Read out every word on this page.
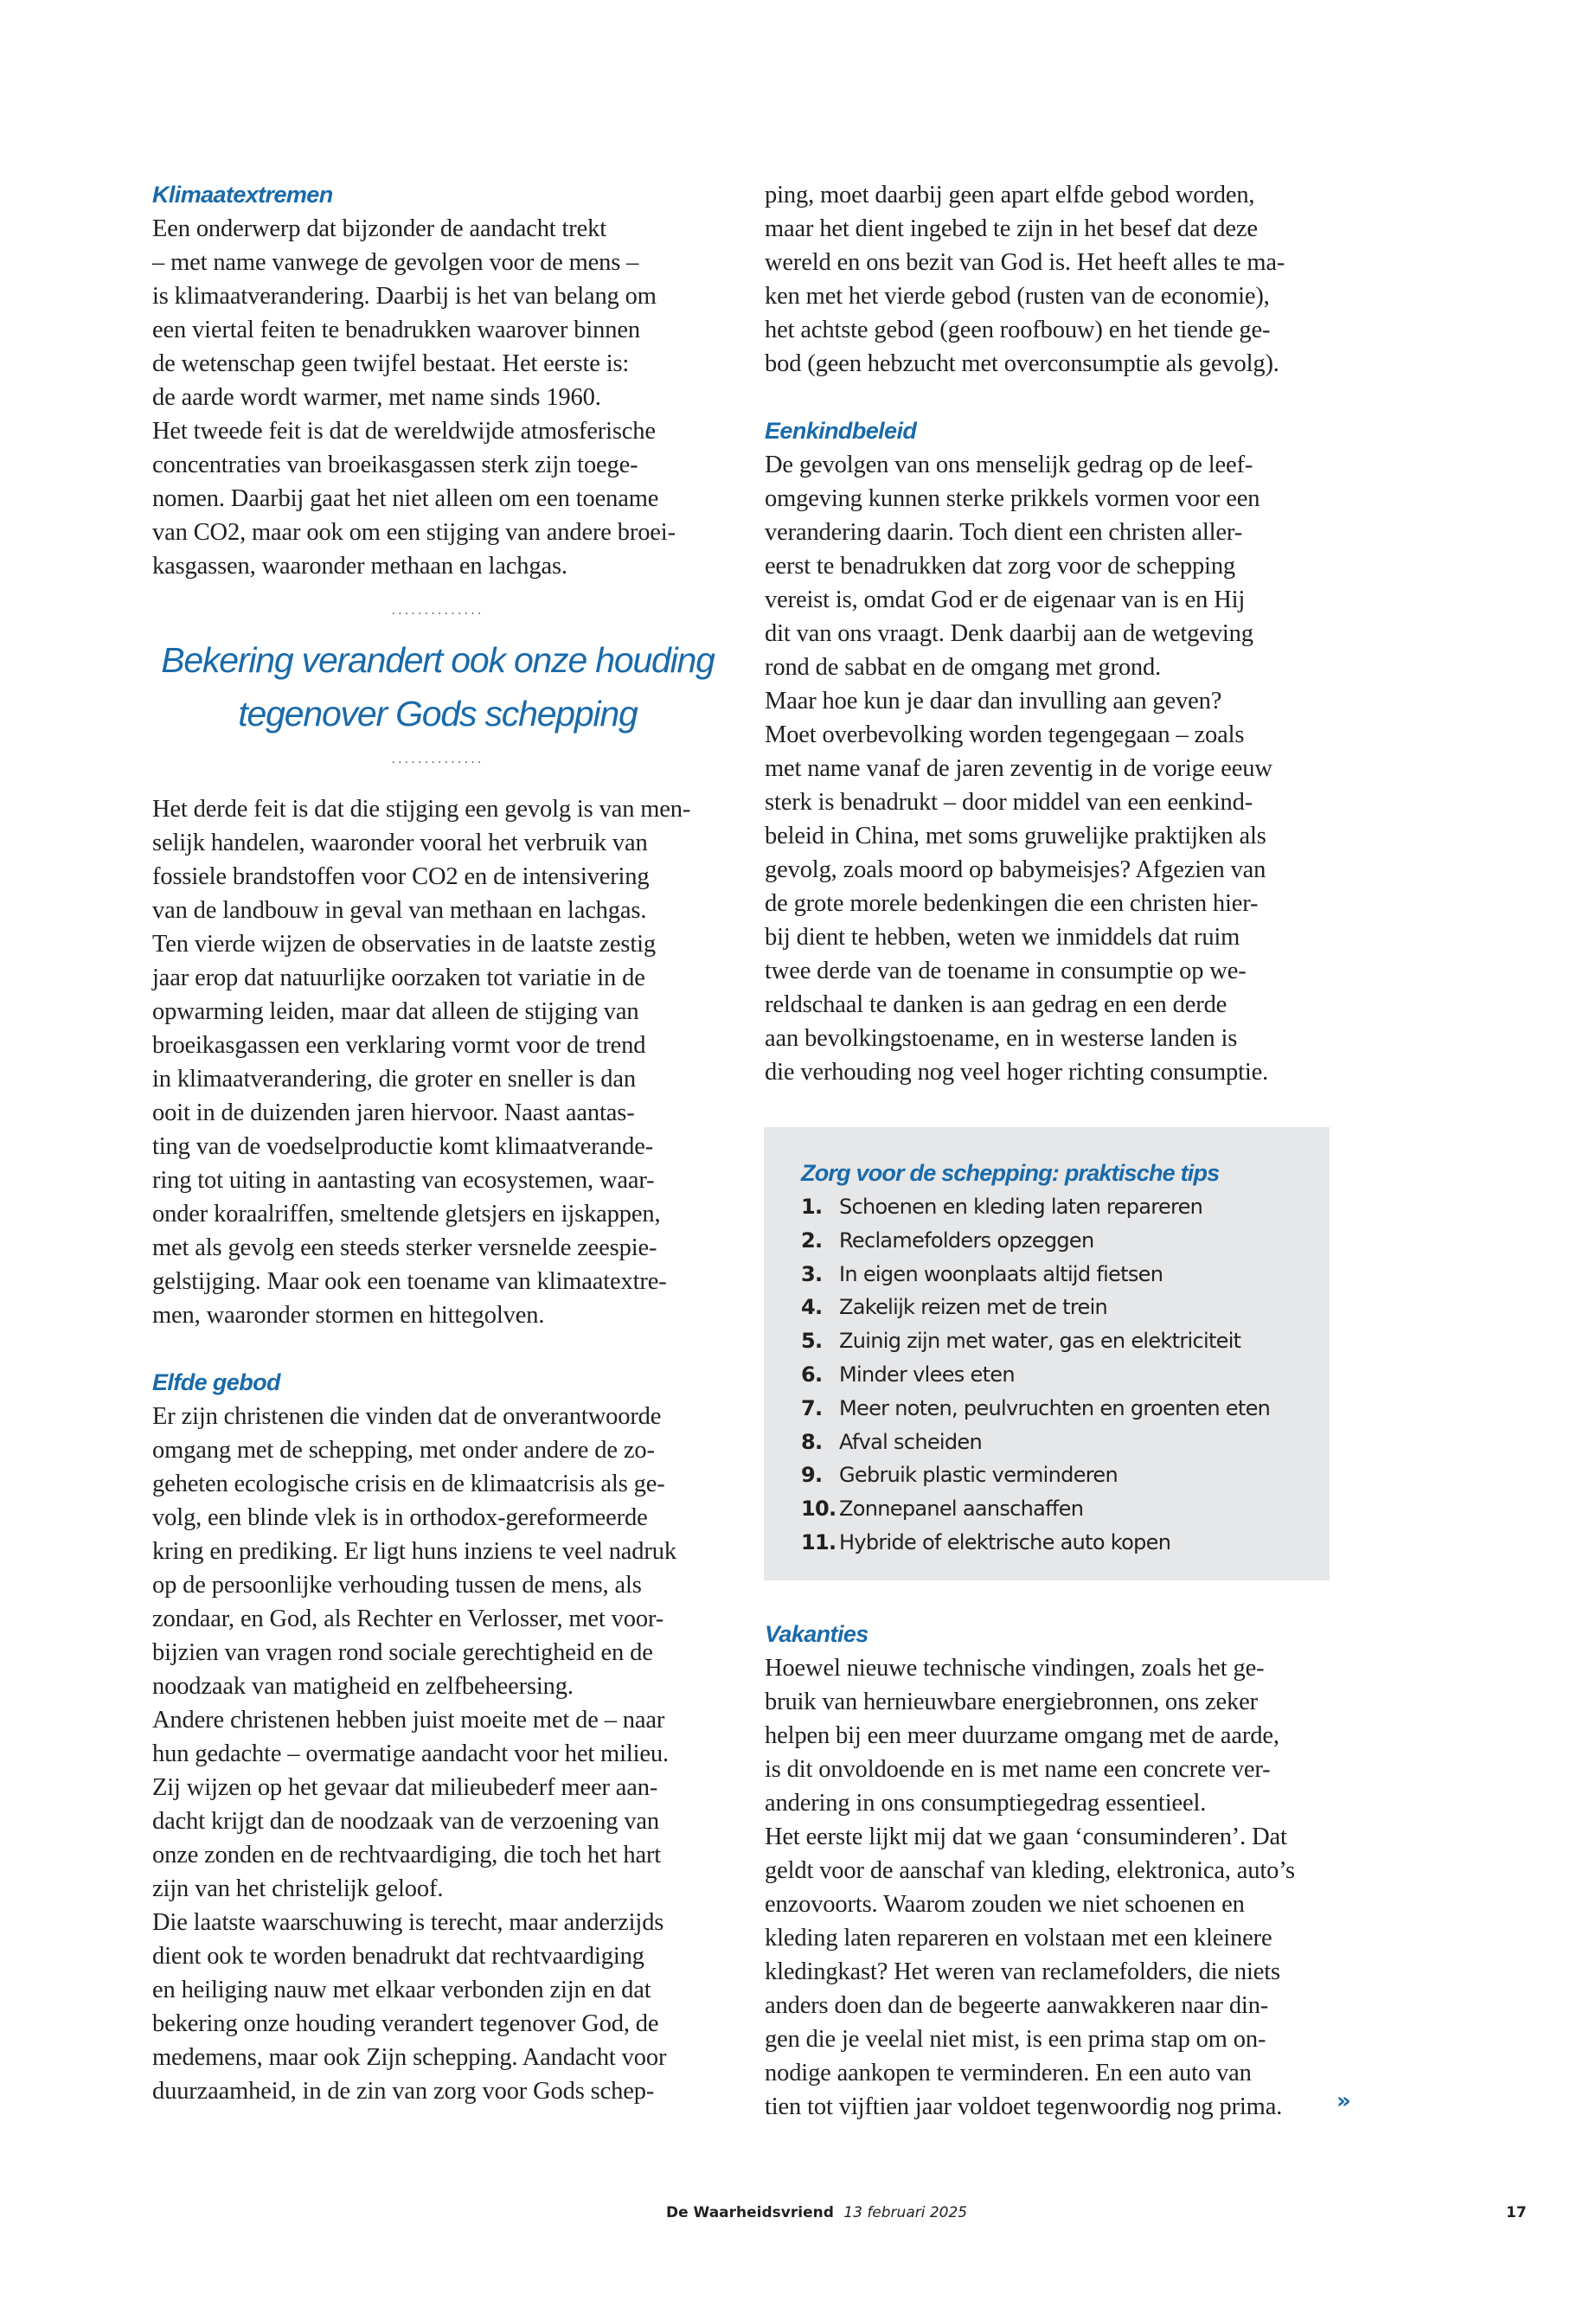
Klimaatextremen

Een onderwerp dat bijzonder de aandacht trekt
– met name vanwege de gevolgen voor de mens –
is klimaatverandering. Daarbij is het van belang om
een viertal feiten te benadrukken waarover binnen
de wetenschap geen twijfel bestaat. Het eerste is:
de aarde wordt warmer, met name sinds 1960.
Het tweede feit is dat de wereldwijde atmosferische
concentraties van broeikasgassen sterk zijn toege-
nomen. Daarbij gaat het niet alleen om een toename
van CO2, maar ook om een stijging van andere broei-
kasgassen, waaronder methaan en lachgas.

..............
Bekering verandert ook onze houding
tegenover Gods schepping
..............

Het derde feit is dat die stijging een gevolg is van men-
selijk handelen, waaronder vooral het verbruik van
fossiele brandstoffen voor CO2 en de intensivering
van de landbouw in geval van methaan en lachgas.
Ten vierde wijzen de observaties in de laatste zestig
jaar erop dat natuurlijke oorzaken tot variatie in de
opwarming leiden, maar dat alleen de stijging van
broeikasgassen een verklaring vormt voor de trend
in klimaatverandering, die groter en sneller is dan
ooit in de duizenden jaren hiervoor. Naast aantas-
ting van de voedselproductie komt klimaatverande-
ring tot uiting in aantasting van ecosystemen, waar-
onder koraalriffen, smeltende gletsjers en ijskappen,
met als gevolg een steeds sterker versnelde zeespie-
gelstijging. Maar ook een toename van klimaatextre-
men, waaronder stormen en hittegolven.

Elfde gebod

Er zijn christenen die vinden dat de onverantwoorde
omgang met de schepping, met onder andere de zo-
geheten ecologische crisis en de klimaatcrisis als ge-
volg, een blinde vlek is in orthodox-gereformeerde
kring en prediking. Er ligt huns inziens te veel nadruk
op de persoonlijke verhouding tussen de mens, als
zondaar, en God, als Rechter en Verlosser, met voor-
bijzien van vragen rond sociale gerechtigheid en de
noodzaak van matigheid en zelfbeheersing.
Andere christenen hebben juist moeite met de – naar
hun gedachte – overmatige aandacht voor het milieu.
Zij wijzen op het gevaar dat milieubederf meer aan-
dacht krijgt dan de noodzaak van de verzoening van
onze zonden en de rechtvaardiging, die toch het hart
zijn van het christelijk geloof.
Die laatste waarschuwing is terecht, maar anderzijds
dient ook te worden benadrukt dat rechtvaardiging
en heiliging nauw met elkaar verbonden zijn en dat
bekering onze houding verandert tegenover God, de
medemens, maar ook Zijn schepping. Aandacht voor
duurzaamheid, in de zin van zorg voor Gods schep-

ping, moet daarbij geen apart elfde gebod worden,
maar het dient ingebed te zijn in het besef dat deze
wereld en ons bezit van God is. Het heeft alles te ma-
ken met het vierde gebod (rusten van de economie),
het achtste gebod (geen roofbouw) en het tiende ge-
bod (geen hebzucht met overconsumptie als gevolg).

Eenkindbeleid

De gevolgen van ons menselijk gedrag op de leef-
omgeving kunnen sterke prikkels vormen voor een
verandering daarin. Toch dient een christen aller-
eerst te benadrukken dat zorg voor de schepping
vereist is, omdat God er de eigenaar van is en Hij
dit van ons vraagt. Denk daarbij aan de wetgeving
rond de sabbat en de omgang met grond.
Maar hoe kun je daar dan invulling aan geven?
Moet overbevolking worden tegengegaan – zoals
met name vanaf de jaren zeventig in de vorige eeuw
sterk is benadrukt – door middel van een eenkind-
beleid in China, met soms gruwelijke praktijken als
gevolg, zoals moord op babymeisjes? Afgezien van
de grote morele bedenkingen die een christen hier-
bij dient te hebben, weten we inmiddels dat ruim
twee derde van de toename in consumptie op we-
reldschaal te danken is aan gedrag en een derde
aan bevolkingstoename, en in westerse landen is
die verhouding nog veel hoger richting consumptie.

Zorg voor de schepping: praktische tips
1. Schoenen en kleding laten repareren
2. Reclamefolders opzeggen
3. In eigen woonplaats altijd fietsen
4. Zakelijk reizen met de trein
5. Zuinig zijn met water, gas en elektriciteit
6. Minder vlees eten
7. Meer noten, peulvruchten en groenten eten
8. Afval scheiden
9. Gebruik plastic verminderen
10. Zonnepanel aanschaffen
11. Hybride of elektrische auto kopen
Vakanties

Hoewel nieuwe technische vindingen, zoals het ge-
bruik van hernieuwbare energiebronnen, ons zeker
helpen bij een meer duurzame omgang met de aarde,
is dit onvoldoende en is met name een concrete ver-
andering in ons consumptiegedrag essentieel.
Het eerste lijkt mij dat we gaan ‘consuminderen’. Dat
geldt voor de aanschaf van kleding, elektronica, auto’s
enzovoorts. Waarom zouden we niet schoenen en
kleding laten repareren en volstaan met een kleinere
kledingkast? Het weren van reclamefolders, die niets
anders doen dan de begeerte aanwakkeren naar din-
gen die je veelal niet mist, is een prima stap om on-
nodige aankopen te verminderen. En een auto van
tien tot vijftien jaar voldoet tegenwoordig nog prima.	»
De Waarheidsvriend 13 februari 2025	17
